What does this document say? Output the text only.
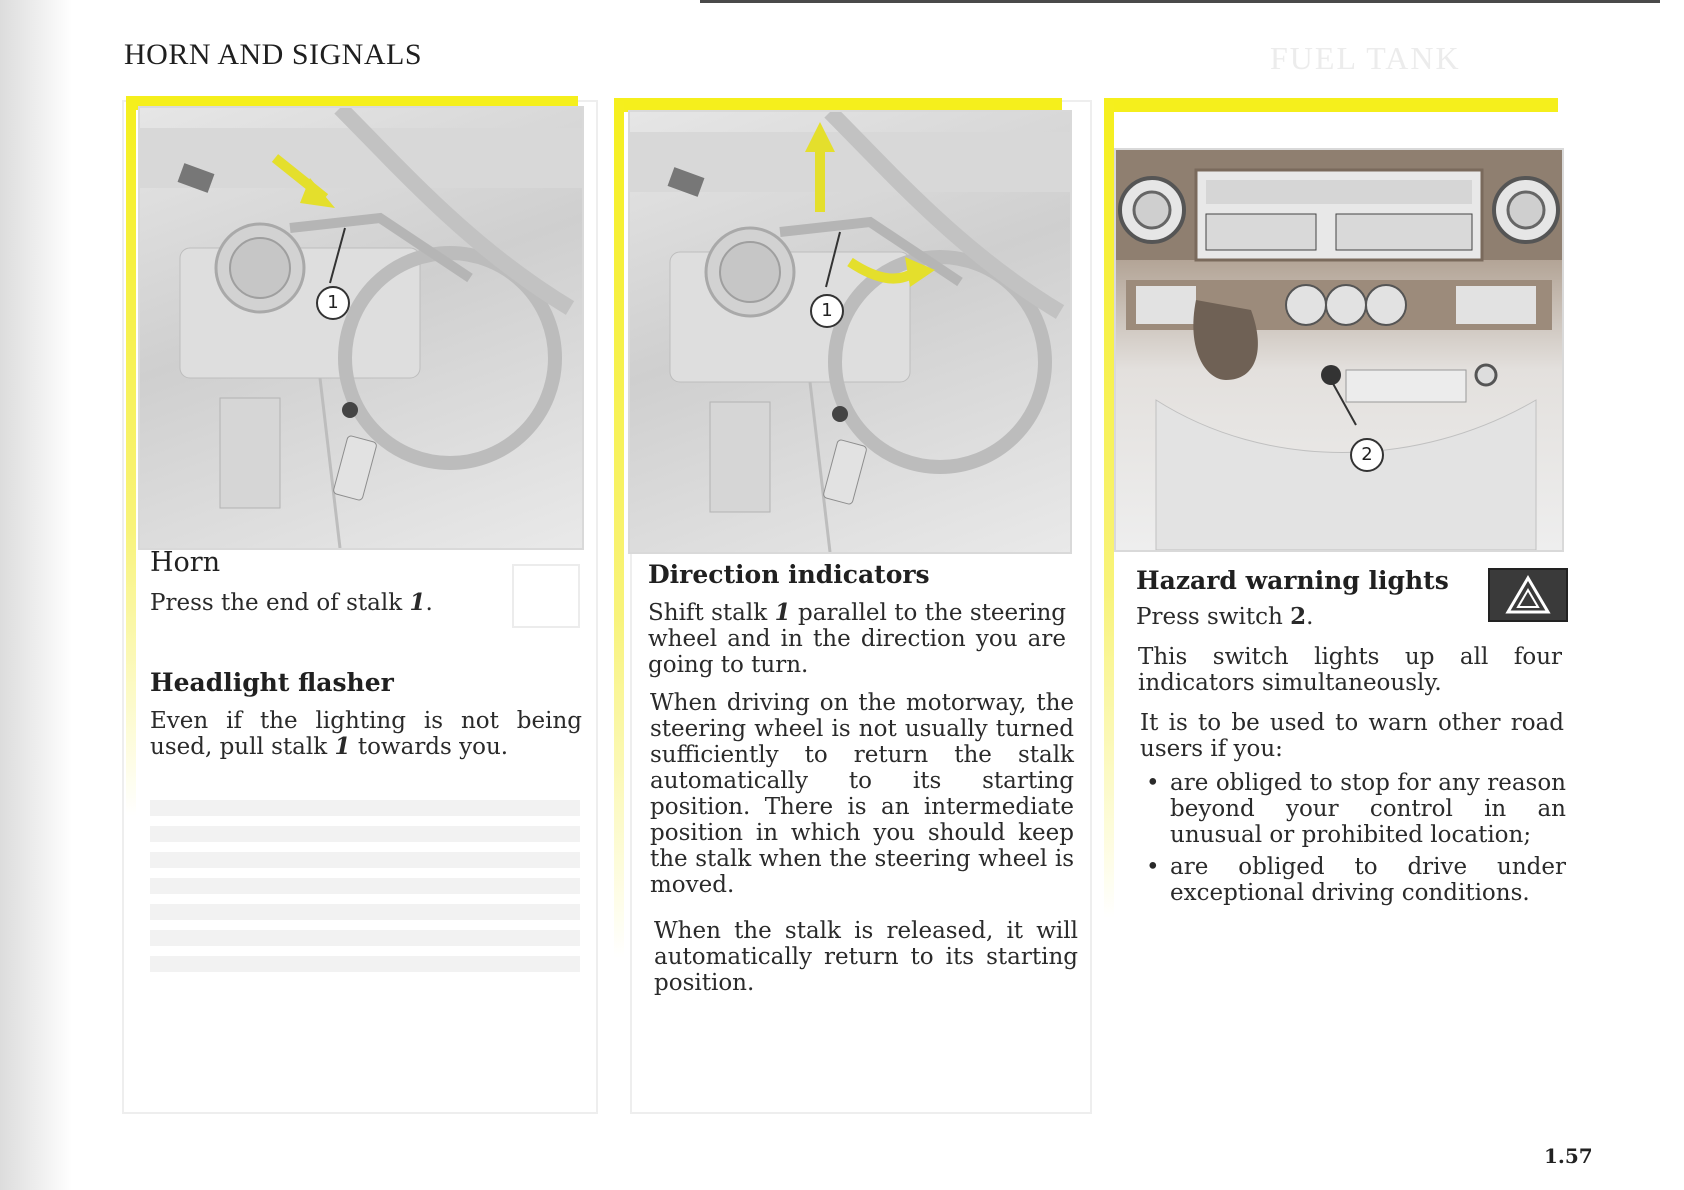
HORN AND SIGNALS	FUEL TANK
1
Horn
Press the end of stalk 1.
Headlight flasher
Even if the lighting is not being used, pull stalk 1 towards you.
1
Direction indicators
Shift stalk 1 parallel to the steering wheel and in the direction you are going to turn.
When driving on the motorway, the steering wheel is not usually turned sufficiently to return the stalk automatically to its starting position. There is an intermediate position in which you should keep the stalk when the steering wheel is moved.
When the stalk is released, it will automatically return to its starting position.
2
Hazard warning lights
Press switch 2.
This switch lights up all four indicators simultaneously.
It is to be used to warn other road users if you:
• are obliged to stop for any reason beyond your control in an unusual or prohibited location;
• are obliged to drive under exceptional driving conditions.
1.57
